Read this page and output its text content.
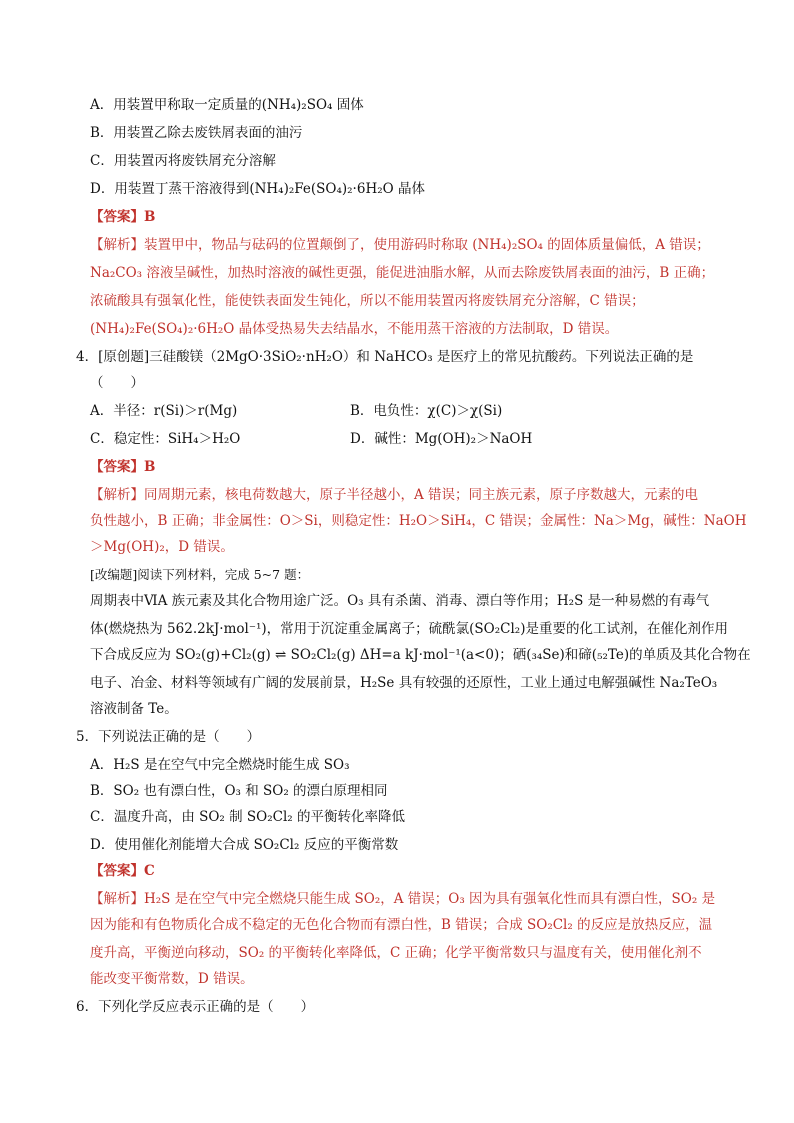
A．用装置甲称取一定质量的(NH₄)₂SO₄ 固体
B．用装置乙除去废铁屑表面的油污
C．用装置丙将废铁屑充分溶解
D．用装置丁蒸干溶液得到(NH₄)₂Fe(SO₄)₂·6H₂O 晶体
【答案】B
【解析】装置甲中，物品与砝码的位置颠倒了，使用游码时称取 (NH₄)₂SO₄ 的固体质量偏低，A 错误；
Na₂CO₃ 溶液呈碱性，加热时溶液的碱性更强，能促进油脂水解，从而去除废铁屑表面的油污，B 正确；
浓硫酸具有强氧化性，能使铁表面发生钝化，所以不能用装置丙将废铁屑充分溶解，C 错误；
(NH₄)₂Fe(SO₄)₂·6H₂O 晶体受热易失去结晶水，不能用蒸干溶液的方法制取，D 错误。
4．[原创题]三硅酸镁（2MgO·3SiO₂·nH₂O）和 NaHCO₃ 是医疗上的常见抗酸药。下列说法正确的是
（　　）
A．半径：r(Si)＞r(Mg)	B．电负性：χ(C)＞χ(Si)
C．稳定性：SiH₄＞H₂O	D．碱性：Mg(OH)₂＞NaOH
【答案】B
【解析】同周期元素，核电荷数越大，原子半径越小，A 错误；同主族元素，原子序数越大，元素的电
负性越小，B 正确；非金属性：O＞Si，则稳定性：H₂O＞SiH₄，C 错误；金属性：Na＞Mg，碱性：NaOH
＞Mg(OH)₂，D 错误。
[改编题]阅读下列材料，完成 5~7 题：
周期表中ⅥA 族元素及其化合物用途广泛。O₃ 具有杀菌、消毒、漂白等作用；H₂S 是一种易燃的有毒气
体(燃烧热为 562.2kJ·mol⁻¹)，常用于沉淀重金属离子；硫酰氯(SO₂Cl₂)是重要的化工试剂，在催化剂作用
下合成反应为 SO₂(g)+Cl₂(g) ⇌ SO₂Cl₂(g) ΔH=a kJ·mol⁻¹(a<0)；硒(₃₄Se)和碲(₅₂Te)的单质及其化合物在
电子、冶金、材料等领域有广阔的发展前景，H₂Se 具有较强的还原性，工业上通过电解强碱性 Na₂TeO₃
溶液制备 Te。
5．下列说法正确的是（　　）
A．H₂S 是在空气中完全燃烧时能生成 SO₃
B．SO₂ 也有漂白性，O₃ 和 SO₂ 的漂白原理相同
C．温度升高，由 SO₂ 制 SO₂Cl₂ 的平衡转化率降低
D．使用催化剂能增大合成 SO₂Cl₂ 反应的平衡常数
【答案】C
【解析】H₂S 是在空气中完全燃烧只能生成 SO₂，A 错误；O₃ 因为具有强氧化性而具有漂白性，SO₂ 是
因为能和有色物质化合成不稳定的无色化合物而有漂白性，B 错误；合成 SO₂Cl₂ 的反应是放热反应，温
度升高，平衡逆向移动，SO₂ 的平衡转化率降低，C 正确；化学平衡常数只与温度有关，使用催化剂不
能改变平衡常数，D 错误。
6．下列化学反应表示正确的是（　　）
